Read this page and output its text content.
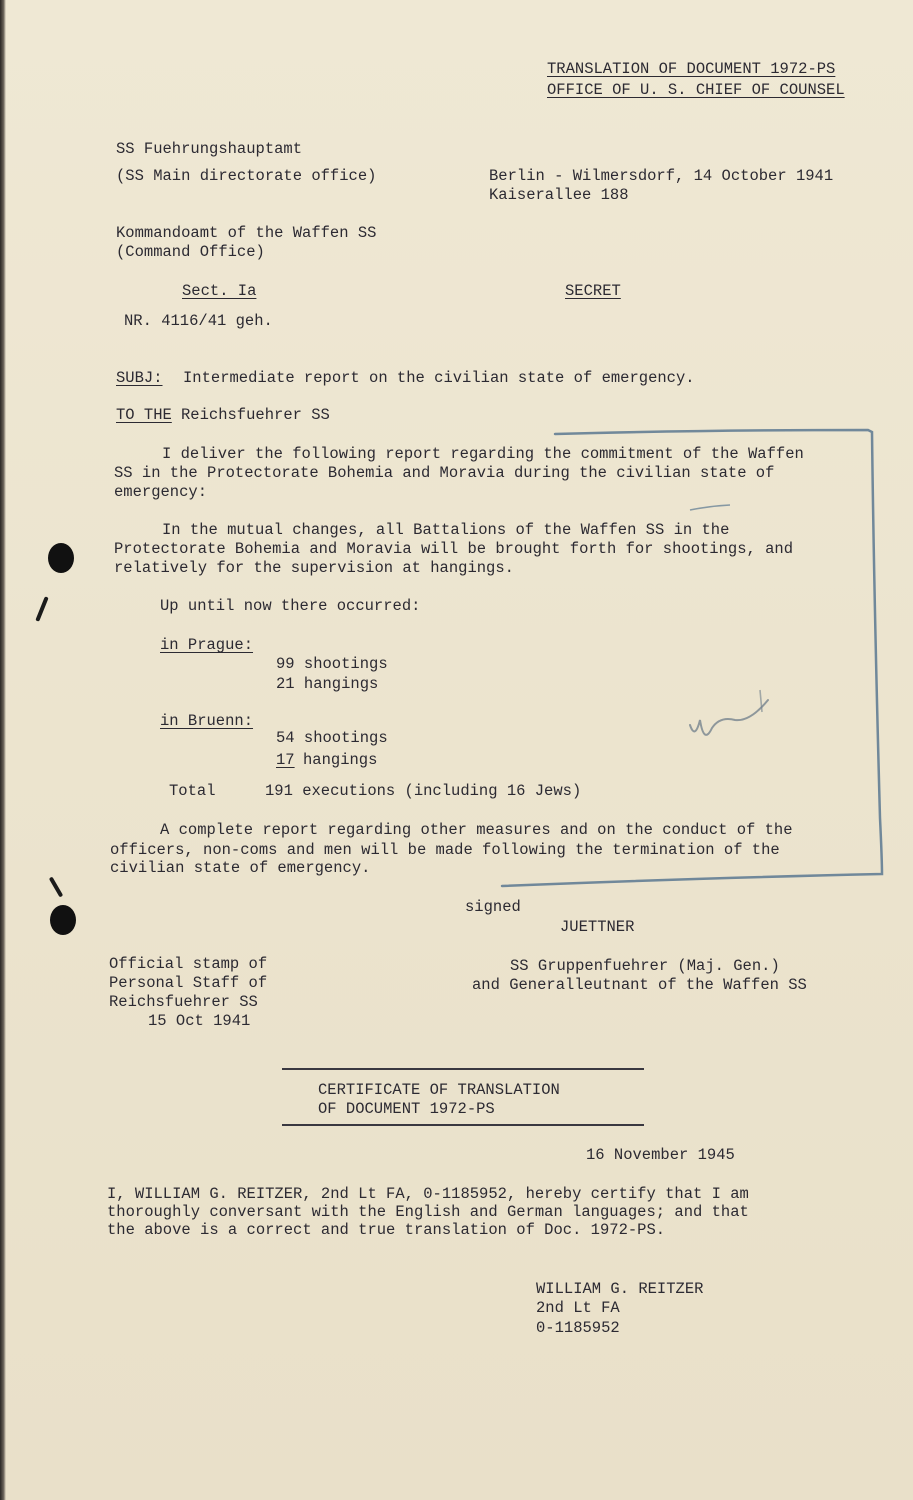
TRANSLATION OF DOCUMENT 1972-PS
OFFICE OF U. S. CHIEF OF COUNSEL
SS Fuehrungshauptamt
(SS Main directorate office)	Berlin - Wilmersdorf, 14 October 1941
Kaiserallee 188
Kommandoamt of the Waffen SS
(Command Office)
Sect. Ia	SECRET
NR. 4116/41 geh.
SUBJ: Intermediate report on the civilian state of emergency.
TO THE Reichsfuehrer SS
I deliver the following report regarding the commitment of the Waffen
SS in the Protectorate Bohemia and Moravia during the civilian state of
emergency:
In the mutual changes, all Battalions of the Waffen SS in the
Protectorate Bohemia and Moravia will be brought forth for shootings, and
relatively for the supervision at hangings.
Up until now there occurred:
in Prague:
99 shootings
21 hangings
in Bruenn:
54 shootings
17 hangings
Total	191 executions (including 16 Jews)
A complete report regarding other measures and on the conduct of the
officers, non-coms and men will be made following the termination of the
civilian state of emergency.
signed
JUETTNER
Official stamp of
Personal Staff of
Reichsfuehrer SS
15 Oct 1941
SS Gruppenfuehrer (Maj. Gen.)
and Generalleutnant of the Waffen SS
CERTIFICATE OF TRANSLATION
OF DOCUMENT 1972-PS
16 November 1945
I, WILLIAM G. REITZER, 2nd Lt FA, 0-1185952, hereby certify that I am
thoroughly conversant with the English and German languages; and that
the above is a correct and true translation of Doc. 1972-PS.
WILLIAM G. REITZER
2nd Lt FA
0-1185952
